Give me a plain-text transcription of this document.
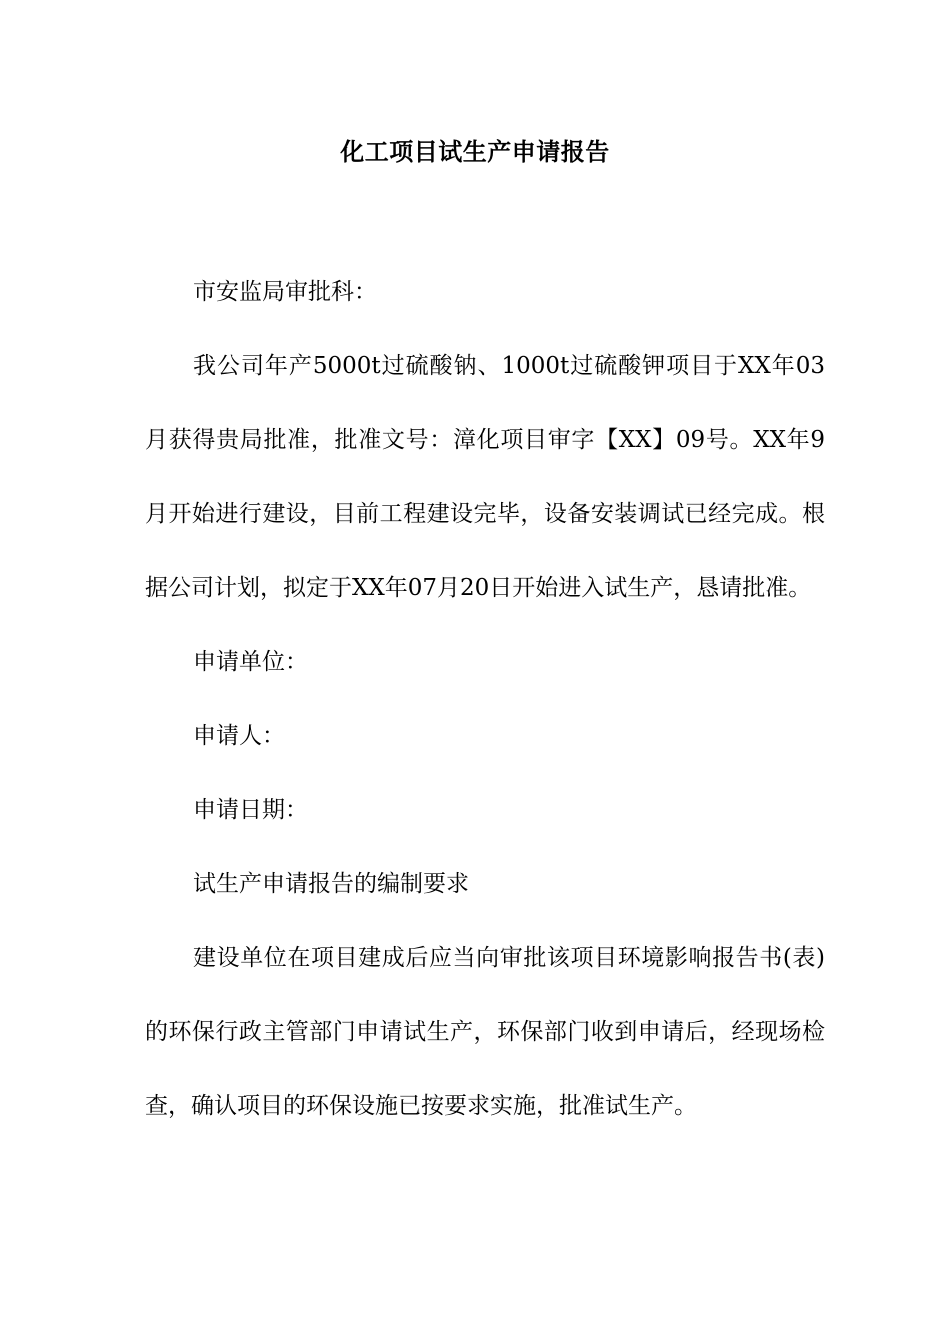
化工项目试生产申请报告

市安监局审批科：

我公司年产5000t过硫酸钠、1000t过硫酸钾项目于XX年03月获得贵局批准，批准文号：漳化项目审字【XX】09号。XX年9月开始进行建设，目前工程建设完毕，设备安装调试已经完成。根据公司计划，拟定于XX年07月20日开始进入试生产，恳请批准。

申请单位：

申请人：

申请日期：

试生产申请报告的编制要求

建设单位在项目建成后应当向审批该项目环境影响报告书(表)的环保行政主管部门申请试生产，环保部门收到申请后，经现场检查，确认项目的环保设施已按要求实施，批准试生产。
